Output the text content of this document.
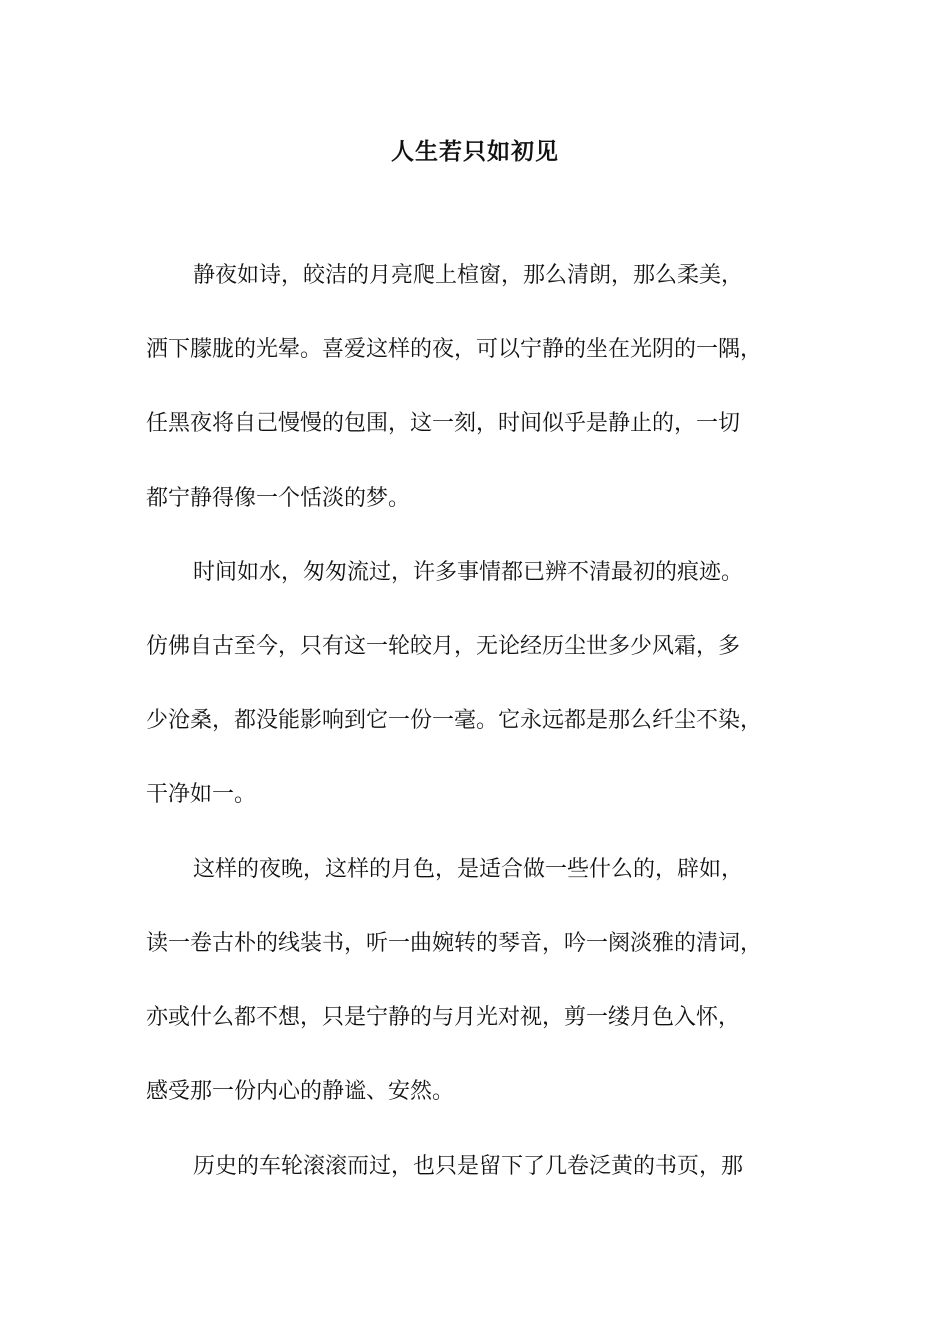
人生若只如初见
静夜如诗，皎洁的月亮爬上楦窗，那么清朗，那么柔美，
洒下朦胧的光晕。喜爱这样的夜，可以宁静的坐在光阴的一隅，
任黑夜将自己慢慢的包围，这一刻，时间似乎是静止的，一切
都宁静得像一个恬淡的梦。
时间如水，匆匆流过，许多事情都已辨不清最初的痕迹。
仿佛自古至今，只有这一轮皎月，无论经历尘世多少风霜，多
少沧桑，都没能影响到它一份一毫。它永远都是那么纤尘不染，
干净如一。
这样的夜晚，这样的月色，是适合做一些什么的，辟如，
读一卷古朴的线装书，听一曲婉转的琴音，吟一阕淡雅的清词，
亦或什么都不想，只是宁静的与月光对视，剪一缕月色入怀，
感受那一份内心的静谧、安然。
历史的车轮滚滚而过，也只是留下了几卷泛黄的书页，那
